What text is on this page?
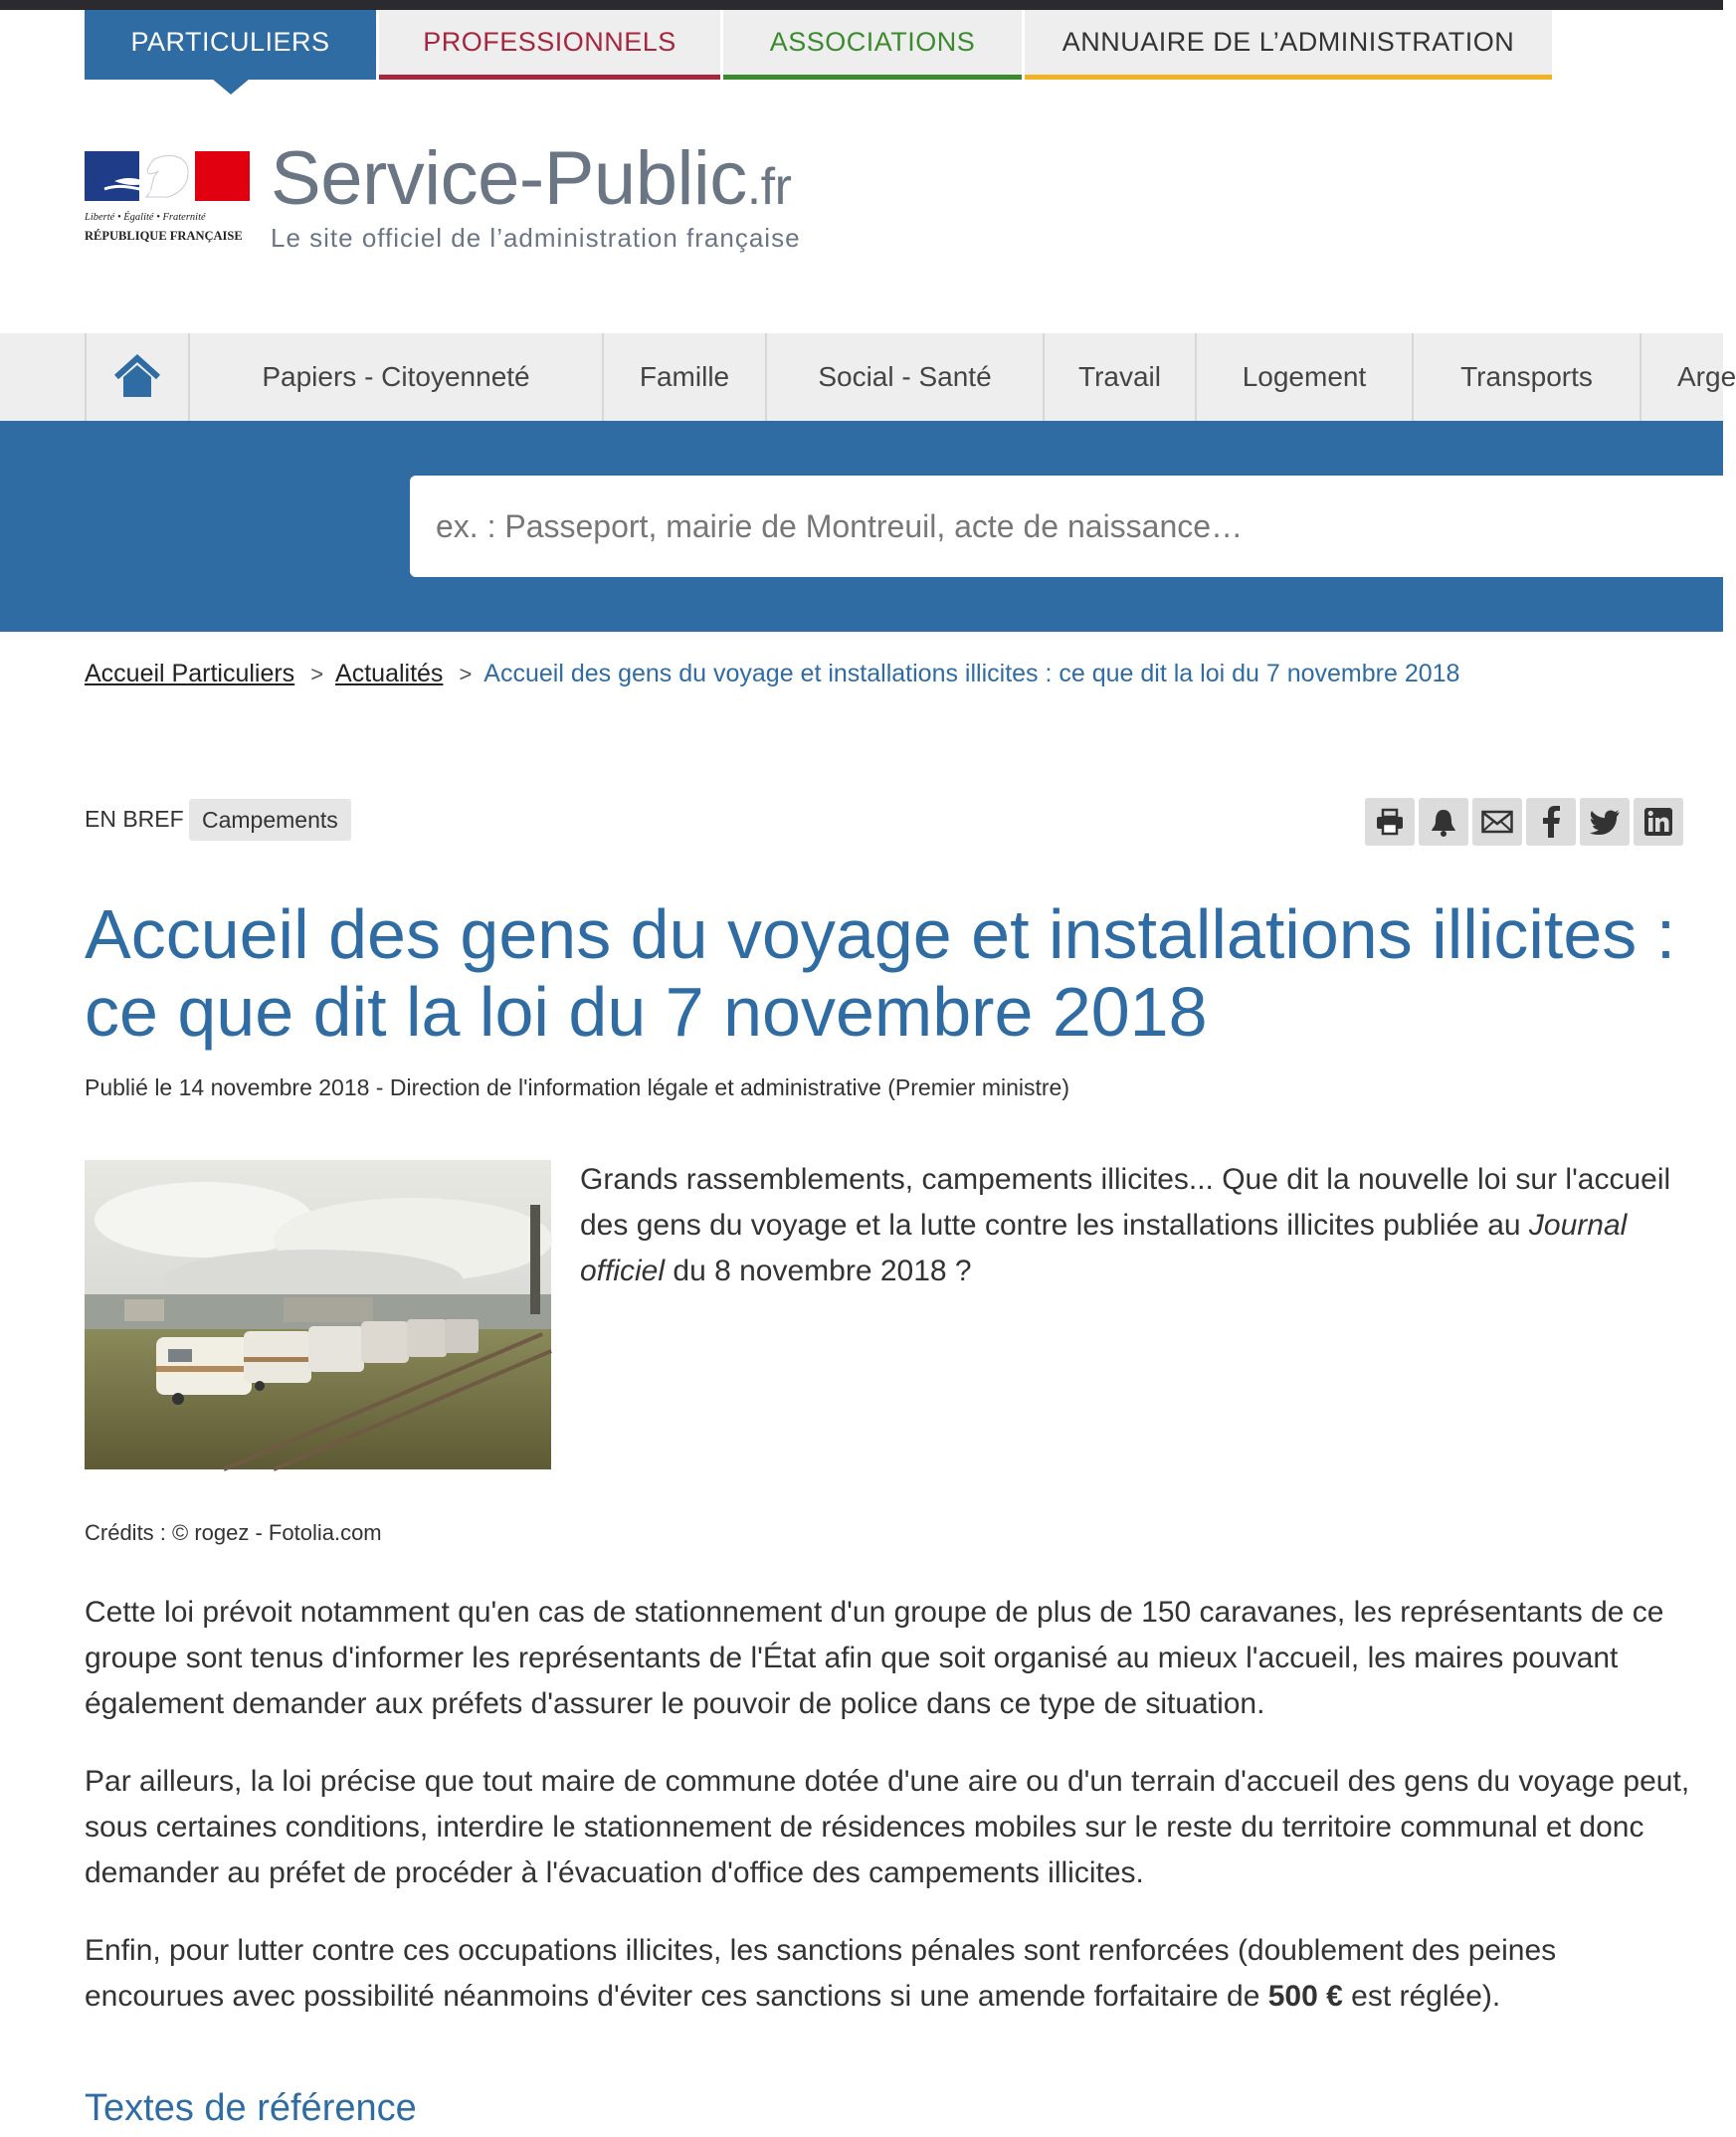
PARTICULIERS	PROFESSIONNELS	ASSOCIATIONS	ANNUAIRE DE L’ADMINISTRATION
Liberté • Égalité • Fraternité
RÉPUBLIQUE FRANÇAISE
Service-Public.fr
Le site officiel de l’administration française
Papiers - Citoyenneté	Famille	Social - Santé	Travail	Logement	Transports	Arge
ex. : Passeport, mairie de Montreuil, acte de naissance…
Accueil Particuliers > Actualités > Accueil des gens du voyage et installations illicites : ce que dit la loi du 7 novembre 2018
EN BREF Campements
Accueil des gens du voyage et installations illicites : ce que dit la loi du 7 novembre 2018
Publié le 14 novembre 2018 - Direction de l'information légale et administrative (Premier ministre)

Grands rassemblements, campements illicites... Que dit la nouvelle loi sur l'accueil des gens du voyage et la lutte contre les installations illicites publiée au Journal officiel du 8 novembre 2018 ?

Crédits : © rogez - Fotolia.com

Cette loi prévoit notamment qu'en cas de stationnement d'un groupe de plus de 150 caravanes, les représentants de ce groupe sont tenus d'informer les représentants de l'État afin que soit organisé au mieux l'accueil, les maires pouvant également demander aux préfets d'assurer le pouvoir de police dans ce type de situation.

Par ailleurs, la loi précise que tout maire de commune dotée d'une aire ou d'un terrain d'accueil des gens du voyage peut, sous certaines conditions, interdire le stationnement de résidences mobiles sur le reste du territoire communal et donc demander au préfet de procéder à l'évacuation d'office des campements illicites.

Enfin, pour lutter contre ces occupations illicites, les sanctions pénales sont renforcées (doublement des peines encourues avec possibilité néanmoins d'éviter ces sanctions si une amende forfaitaire de 500 € est réglée).

Textes de référence
